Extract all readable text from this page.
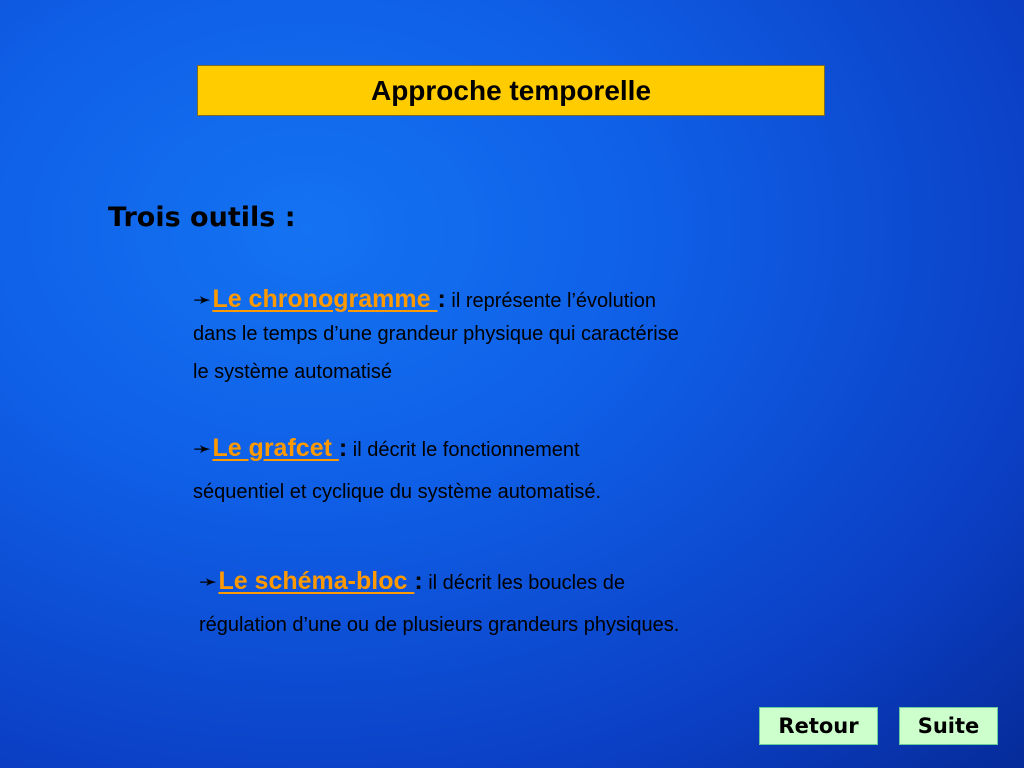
Approche temporelle
Trois outils :
➛Le chronogramme : il représente l’évolution
dans le temps d’une grandeur physique qui caractérise
le système automatisé
➛Le grafcet : il décrit le fonctionnement
séquentiel et cyclique du système automatisé.
➛Le schéma-bloc : il décrit les boucles de
régulation d’une ou de plusieurs grandeurs physiques.
Retour	Suite
